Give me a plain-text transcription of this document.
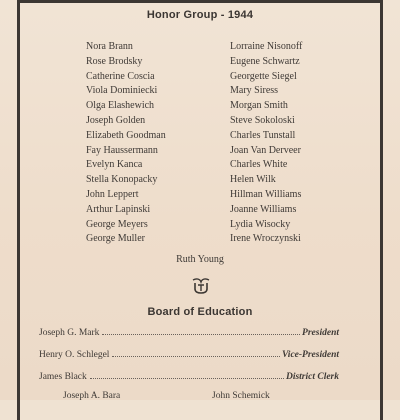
Honor Group - 1944
Nora Brann
Rose Brodsky
Catherine Coscia
Viola Dominiecki
Olga Elashewich
Joseph Golden
Elizabeth Goodman
Fay Haussermann
Evelyn Kanca
Stella Konopacky
John Leppert
Arthur Lapinski
George Meyers
George Muller
Lorraine Nisonoff
Eugene Schwartz
Georgette Siegel
Mary Siress
Morgan Smith
Steve Sokoloski
Charles Tunstall
Joan Van Derveer
Charles White
Helen Wilk
Hillman Williams
Joanne Williams
Lydia Wisocky
Irene Wroczynski
Ruth Young
Board of Education
Joseph G. Mark	President
Henry O. Schlegel	Vice-President
James Black	District Clerk
Joseph A. Bara	John Schemick
